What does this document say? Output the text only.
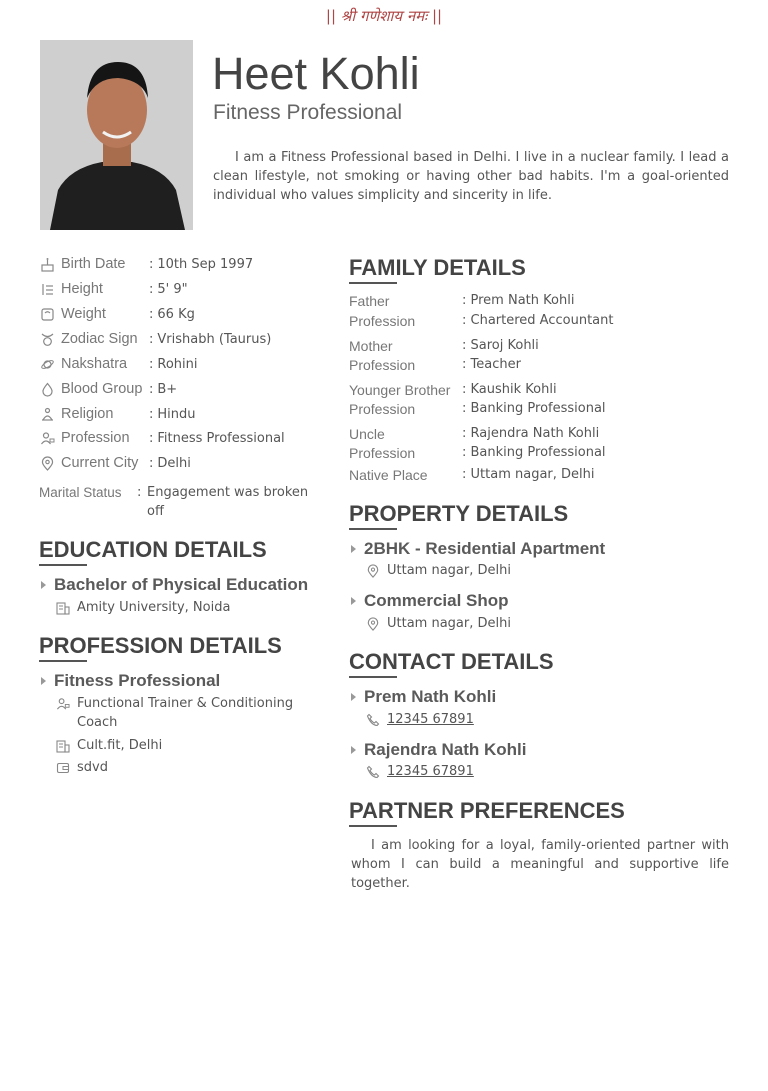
|| श्री गणेशाय नमः ||
Heet Kohli
Fitness Professional
I am a Fitness Professional based in Delhi. I live in a nuclear family. I lead a clean lifestyle, not smoking or having other bad habits. I'm a goal-oriented individual who values simplicity and sincerity in life.
Birth Date	: 10th Sep 1997
Height	: 5' 9"
Weight	: 66 Kg
Zodiac Sign : Vrishabh (Taurus)
Nakshatra	: Rohini
Blood Group : B+
Religion	: Hindu
Profession	: Fitness Professional
Current City : Delhi
Marital Status : Engagement was broken
off
EDUCATION DETAILS
Bachelor of Physical Education
Amity University, Noida
PROFESSION DETAILS
Fitness Professional
Functional Trainer & Conditioning
Coach
Cult.fit, Delhi
sdvd
FAMILY DETAILS
Father	: Prem Nath Kohli
Profession	: Chartered Accountant
Mother	: Saroj Kohli
Profession	: Teacher
Younger Brother : Kaushik Kohli
Profession	: Banking Professional
Uncle	: Rajendra Nath Kohli
Profession	: Banking Professional
Native Place	: Uttam nagar, Delhi
PROPERTY DETAILS
2BHK - Residential Apartment
Uttam nagar, Delhi
Commercial Shop
Uttam nagar, Delhi
CONTACT DETAILS
Prem Nath Kohli
12345 67891
Rajendra Nath Kohli
12345 67891
PARTNER PREFERENCES
I am looking for a loyal, family-oriented partner with whom I can build a meaningful and supportive life together.
